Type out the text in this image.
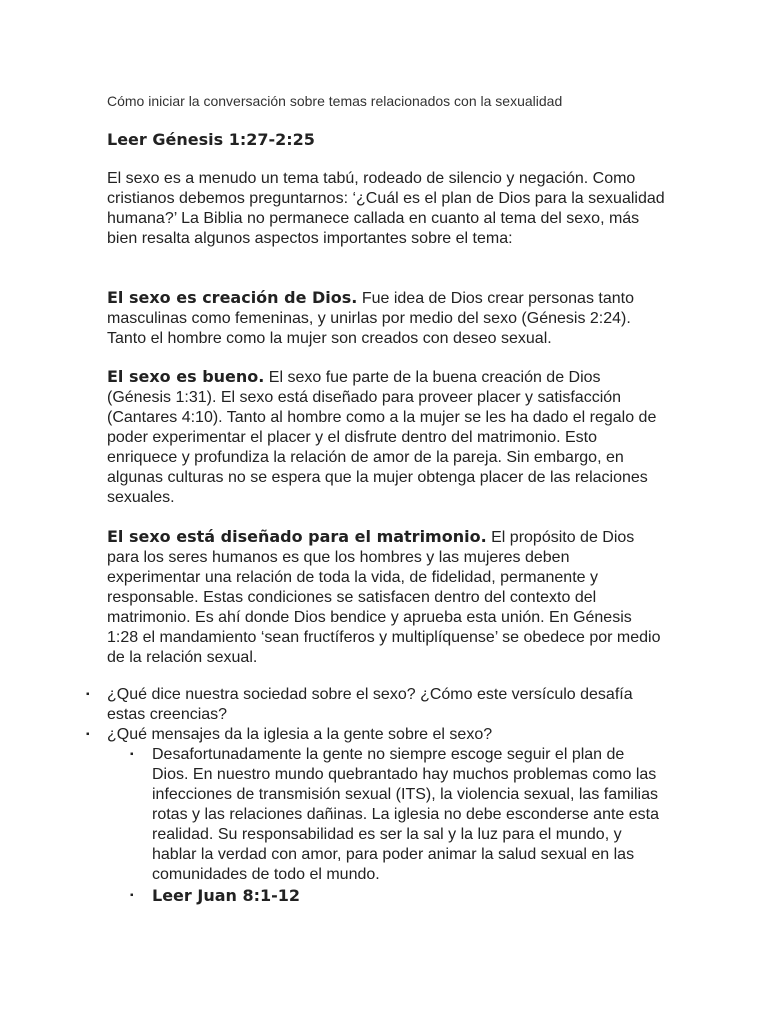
Cómo iniciar la conversación sobre temas relacionados con la sexualidad
Leer Génesis 1:27-2:25
El sexo es a menudo un tema tabú, rodeado de silencio y negación. Como cristianos debemos preguntarnos: ‘¿Cuál es el plan de Dios para la sexualidad humana?’ La Biblia no permanece callada en cuanto al tema del sexo, más bien resalta algunos aspectos importantes sobre el tema:
El sexo es creación de Dios. Fue idea de Dios crear personas tanto masculinas como femeninas, y unirlas por medio del sexo (Génesis 2:24). Tanto el hombre como la mujer son creados con deseo sexual.
El sexo es bueno. El sexo fue parte de la buena creación de Dios (Génesis 1:31). El sexo está diseñado para proveer placer y satisfacción (Cantares 4:10). Tanto al hombre como a la mujer se les ha dado el regalo de poder experimentar el placer y el disfrute dentro del matrimonio. Esto enriquece y profundiza la relación de amor de la pareja. Sin embargo, en algunas culturas no se espera que la mujer obtenga placer de las relaciones sexuales.
El sexo está diseñado para el matrimonio. El propósito de Dios para los seres humanos es que los hombres y las mujeres deben experimentar una relación de toda la vida, de fidelidad, permanente y responsable. Estas condiciones se satisfacen dentro del contexto del matrimonio. Es ahí donde Dios bendice y aprueba esta unión. En Génesis 1:28 el mandamiento ‘sean fructíferos y multiplíquense’ se obedece por medio de la relación sexual.
▪ ¿Qué dice nuestra sociedad sobre el sexo? ¿Cómo este versículo desafía estas creencias?
▪ ¿Qué mensajes da la iglesia a la gente sobre el sexo?
▪ Desafortunadamente la gente no siempre escoge seguir el plan de Dios. En nuestro mundo quebrantado hay muchos problemas como las infecciones de transmisión sexual (ITS), la violencia sexual, las familias rotas y las relaciones dañinas. La iglesia no debe esconderse ante esta realidad. Su responsabilidad es ser la sal y la luz para el mundo, y hablar la verdad con amor, para poder animar la salud sexual en las comunidades de todo el mundo.
▪ Leer Juan 8:1-12
